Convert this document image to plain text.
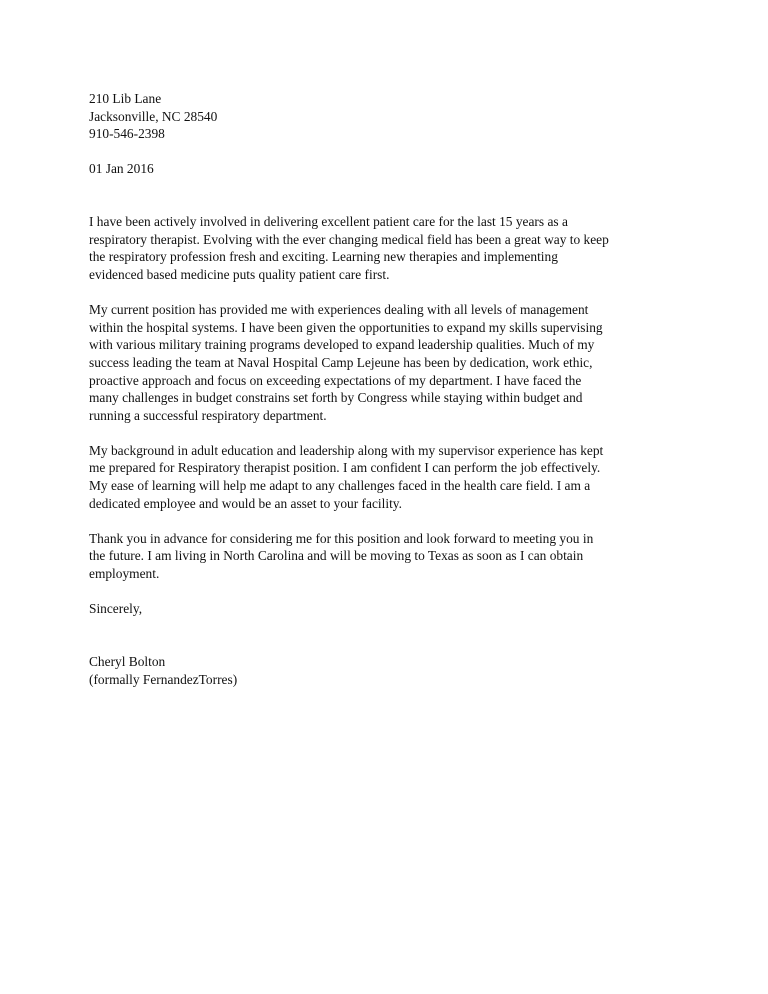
210 Lib Lane
Jacksonville, NC 28540
910-546-2398
01 Jan 2016
I have been actively involved in delivering excellent patient care for the last 15 years as a
respiratory therapist. Evolving with the ever changing medical field has been a great way to keep
the respiratory profession fresh and exciting. Learning new therapies and implementing
evidenced based medicine puts quality patient care first.
My current position has provided me with experiences dealing with all levels of management
within the hospital systems. I have been given the opportunities to expand my skills supervising
with various military training programs developed to expand leadership qualities. Much of my
success leading the team at Naval Hospital Camp Lejeune has been by dedication, work ethic,
proactive approach and focus on exceeding expectations of my department. I have faced the
many challenges in budget constrains set forth by Congress while staying within budget and
running a successful respiratory department.
My background in adult education and leadership along with my supervisor experience has kept
me prepared for Respiratory therapist position. I am confident I can perform the job effectively.
My ease of learning will help me adapt to any challenges faced in the health care field. I am a
dedicated employee and would be an asset to your facility.
Thank you in advance for considering me for this position and look forward to meeting you in
the future. I am living in North Carolina and will be moving to Texas as soon as I can obtain
employment.
Sincerely,
Cheryl Bolton
(formally FernandezTorres)
